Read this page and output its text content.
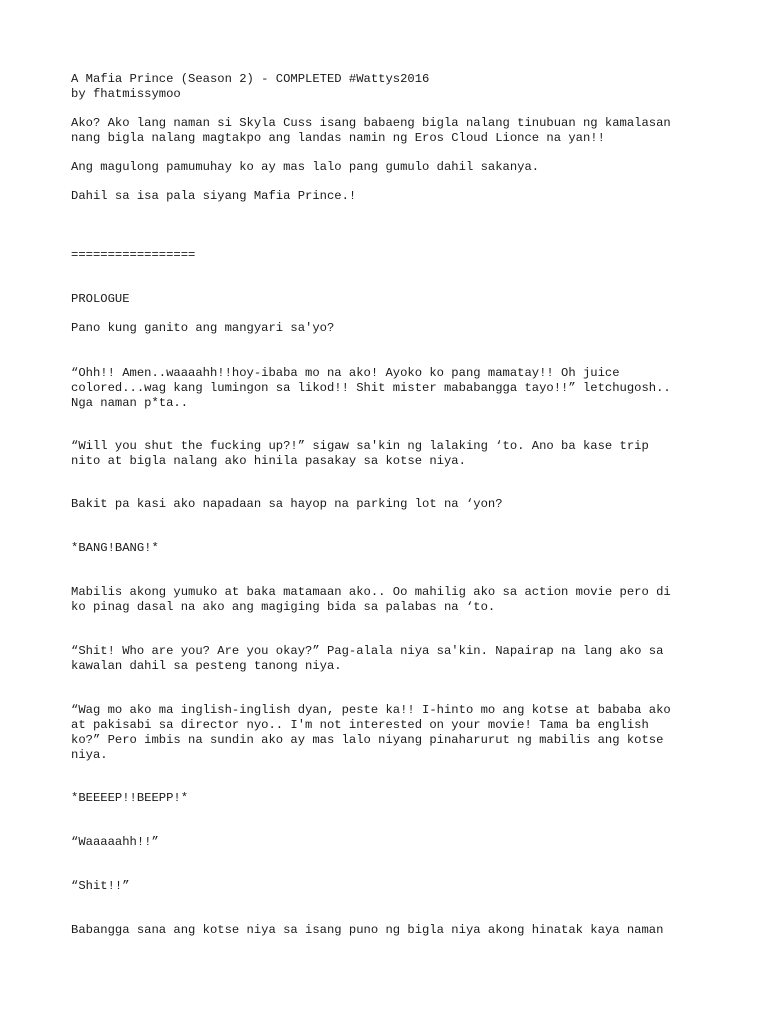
A Mafia Prince (Season 2) - COMPLETED #Wattys2016
by fhatmissymoo
Ako? Ako lang naman si Skyla Cuss isang babaeng bigla nalang tinubuan ng kamalasan
nang bigla nalang magtakpo ang landas namin ng Eros Cloud Lionce na yan!!
Ang magulong pamumuhay ko ay mas lalo pang gumulo dahil sakanya.
Dahil sa isa pala siyang Mafia Prince.!
=================
PROLOGUE
Pano kung ganito ang mangyari sa'yo?
“Ohh!! Amen..waaaahh!!hoy-ibaba mo na ako! Ayoko ko pang mamatay!! Oh juice
colored...wag kang lumingon sa likod!! Shit mister mababangga tayo!!” letchugosh..
Nga naman p*ta..
“Will you shut the fucking up?!” sigaw sa'kin ng lalaking ‘to. Ano ba kase trip
nito at bigla nalang ako hinila pasakay sa kotse niya.
Bakit pa kasi ako napadaan sa hayop na parking lot na ‘yon?
*BANG!BANG!*
Mabilis akong yumuko at baka matamaan ako.. Oo mahilig ako sa action movie pero di
ko pinag dasal na ako ang magiging bida sa palabas na ‘to.
“Shit! Who are you? Are you okay?” Pag-alala niya sa'kin. Napairap na lang ako sa
kawalan dahil sa pesteng tanong niya.
“Wag mo ako ma inglish-inglish dyan, peste ka!! I-hinto mo ang kotse at bababa ako
at pakisabi sa director nyo.. I'm not interested on your movie! Tama ba english
ko?” Pero imbis na sundin ako ay mas lalo niyang pinaharurut ng mabilis ang kotse
niya.
*BEEEEP!!BEEPP!*
“Waaaaahh!!”
“Shit!!”
Babangga sana ang kotse niya sa isang puno ng bigla niya akong hinatak kaya naman
